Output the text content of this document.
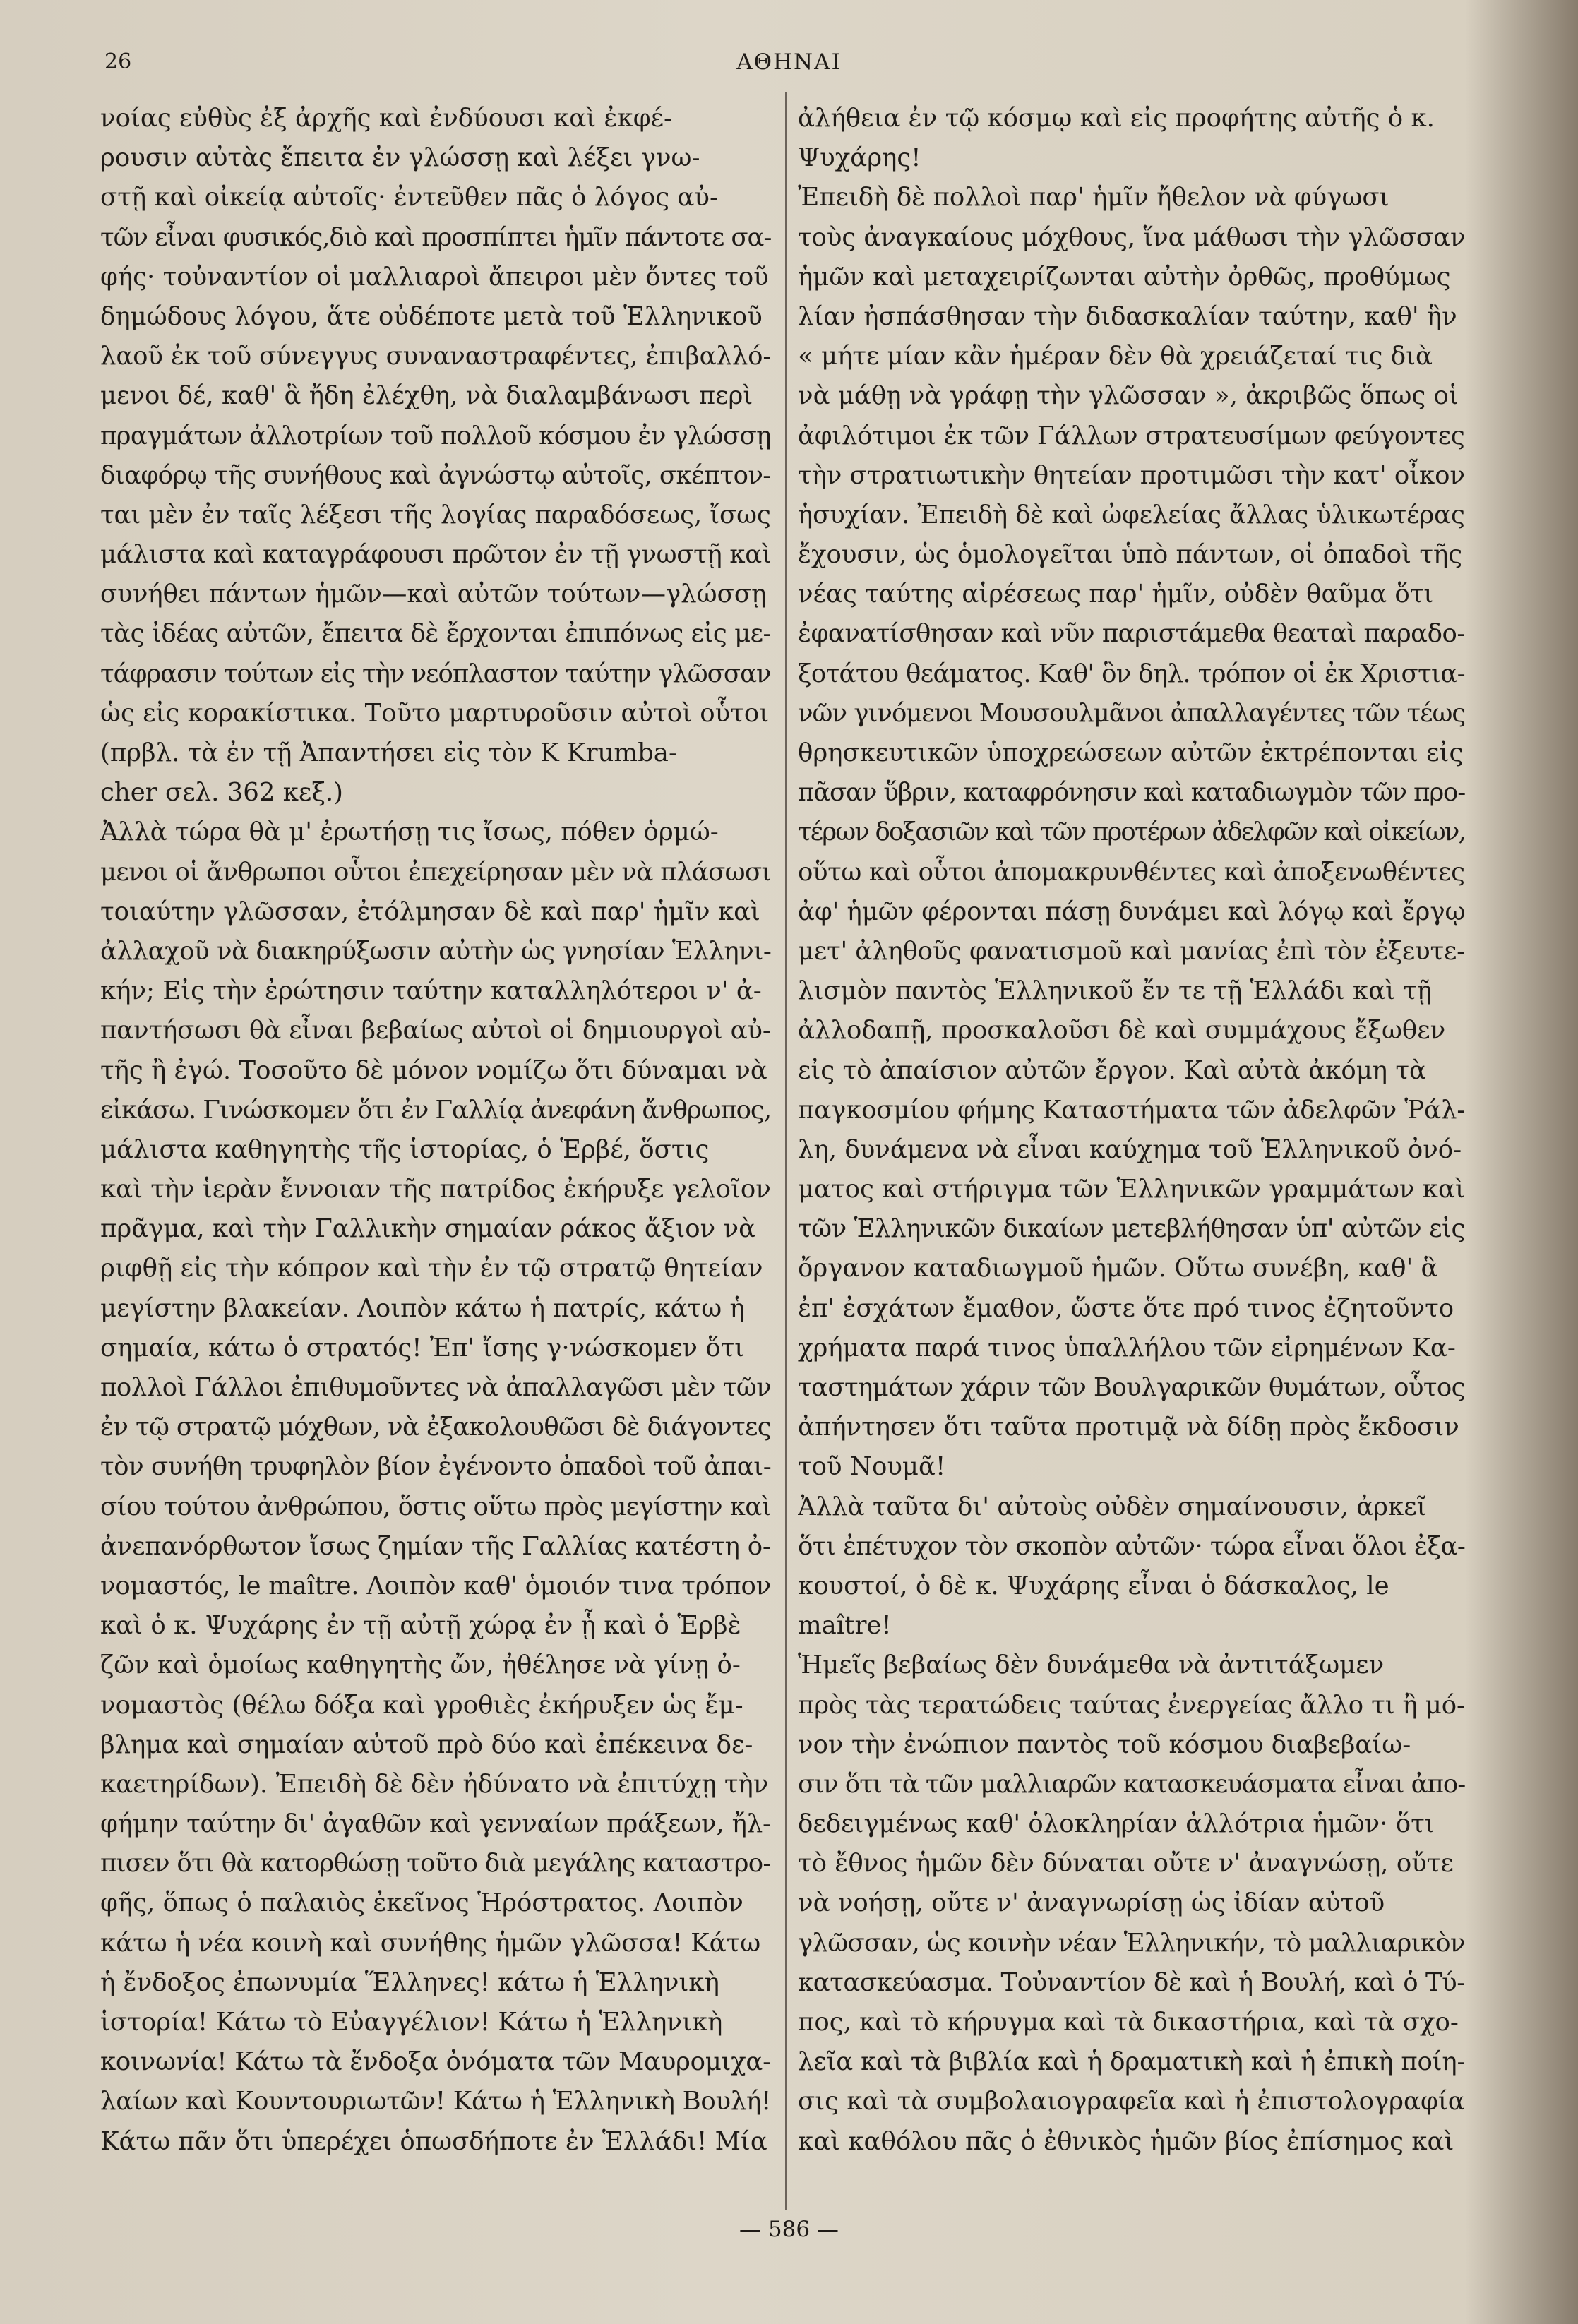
26	ΑΘΗΝΑΙ
νοίας εὐθὺς ἐξ ἀρχῆς καὶ ἐνδύουσι καὶ ἐκφέ-
ρουσιν αὐτὰς ἔπειτα ἐν γλώσσῃ καὶ λέξει γνω-
στῇ καὶ οἰκείᾳ αὐτοῖς· ἐντεῦθεν πᾶς ὁ λόγος αὐ-
τῶν εἶναι φυσικός,διὸ καὶ προσπίπτει ἡμῖν πάντοτε σα-
φής· τοὐναντίον οἱ μαλλιαροὶ ἄπειροι μὲν ὄντες τοῦ
δημώδους λόγου, ἅτε οὐδέποτε μετὰ τοῦ Ἑλληνικοῦ
λαοῦ ἐκ τοῦ σύνεγγυς συναναστραφέντες, ἐπιβαλλό-
μενοι δέ, καθ' ἃ ἤδη ἐλέχθη, νὰ διαλαμβάνωσι περὶ
πραγμάτων ἀλλοτρίων τοῦ πολλοῦ κόσμου ἐν γλώσσῃ
διαφόρῳ τῆς συνήθους καὶ ἀγνώστῳ αὐτοῖς, σκέπτον-
ται μὲν ἐν ταῖς λέξεσι τῆς λογίας παραδόσεως, ἴσως
μάλιστα καὶ καταγράφουσι πρῶτον ἐν τῇ γνωστῇ καὶ
συνήθει πάντων ἡμῶν—καὶ αὐτῶν τούτων—γλώσσῃ
τὰς ἰδέας αὐτῶν, ἔπειτα δὲ ἔρχονται ἐπιπόνως εἰς με-
τάφρασιν τούτων εἰς τὴν νεόπλαστον ταύτην γλῶσσαν
ὡς εἰς κορακίστικα. Τοῦτο μαρτυροῦσιν αὐτοὶ οὗτοι
(πρβλ. τὰ ἐν τῇ Ἀπαντήσει εἰς τὸν Κ Krumba-
cher σελ. 362 κεξ.)
Ἀλλὰ τώρα θὰ μ' ἐρωτήσῃ τις ἴσως, πόθεν ὁρμώ-
μενοι οἱ ἄνθρωποι οὗτοι ἐπεχείρησαν μὲν νὰ πλάσωσι
τοιαύτην γλῶσσαν, ἐτόλμησαν δὲ καὶ παρ' ἡμῖν καὶ
ἀλλαχοῦ νὰ διακηρύξωσιν αὐτὴν ὡς γνησίαν Ἑλληνι-
κήν; Εἰς τὴν ἐρώτησιν ταύτην καταλληλότεροι ν' ἀ-
παντήσωσι θὰ εἶναι βεβαίως αὐτοὶ οἱ δημιουργοὶ αὐ-
τῆς ἢ ἐγώ. Τοσοῦτο δὲ μόνον νομίζω ὅτι δύναμαι νὰ
εἰκάσω. Γινώσκομεν ὅτι ἐν Γαλλίᾳ ἀνεφάνη ἄνθρωπος,
μάλιστα καθηγητὴς τῆς ἱστορίας, ὁ Ἑρβέ, ὅστις
καὶ τὴν ἱερὰν ἔννοιαν τῆς πατρίδος ἐκήρυξε γελοῖον
πρᾶγμα, καὶ τὴν Γαλλικὴν σημαίαν ράκος ἄξιον νὰ
ριφθῇ εἰς τὴν κόπρον καὶ τὴν ἐν τῷ στρατῷ θητείαν
μεγίστην βλακείαν. Λοιπὸν κάτω ἡ πατρίς, κάτω ἡ
σημαία, κάτω ὁ στρατός! Ἐπ' ἴσης γ·νώσκομεν ὅτι
πολλοὶ Γάλλοι ἐπιθυμοῦντες νὰ ἀπαλλαγῶσι μὲν τῶν
ἐν τῷ στρατῷ μόχθων, νὰ ἐξακολουθῶσι δὲ διάγοντες
τὸν συνήθη τρυφηλὸν βίον ἐγένοντο ὀπαδοὶ τοῦ ἀπαι-
σίου τούτου ἀνθρώπου, ὅστις οὕτω πρὸς μεγίστην καὶ
ἀνεπανόρθωτον ἴσως ζημίαν τῆς Γαλλίας κατέστη ὀ-
νομαστός, le maître. Λοιπὸν καθ' ὁμοιόν τινα τρόπον
καὶ ὁ κ. Ψυχάρης ἐν τῇ αὐτῇ χώρᾳ ἐν ᾗ καὶ ὁ Ἑρβὲ
ζῶν καὶ ὁμοίως καθηγητὴς ὤν, ἠθέλησε νὰ γίνῃ ὀ-
νομαστὸς (θέλω δόξα καὶ γροθιὲς ἐκήρυξεν ὡς ἔμ-
βλημα καὶ σημαίαν αὐτοῦ πρὸ δύο καὶ ἐπέκεινα δε-
καετηρίδων). Ἐπειδὴ δὲ δὲν ἠδύνατο νὰ ἐπιτύχῃ τὴν
φήμην ταύτην δι' ἀγαθῶν καὶ γενναίων πράξεων, ἤλ-
πισεν ὅτι θὰ κατορθώσῃ τοῦτο διὰ μεγάλης καταστρο-
φῆς, ὅπως ὁ παλαιὸς ἐκεῖνος Ἡρόστρατος. Λοιπὸν
κάτω ἡ νέα κοινὴ καὶ συνήθης ἡμῶν γλῶσσα! Κάτω
ἡ ἔνδοξος ἐπωνυμία Ἕλληνες! κάτω ἡ Ἑλληνικὴ
ἱστορία! Κάτω τὸ Εὐαγγέλιον! Κάτω ἡ Ἑλληνικὴ
κοινωνία! Κάτω τὰ ἔνδοξα ὀνόματα τῶν Μαυρομιχα-
λαίων καὶ Κουντουριωτῶν! Κάτω ἡ Ἑλληνικὴ Βουλή!
Κάτω πᾶν ὅτι ὑπερέχει ὁπωσδήποτε ἐν Ἑλλάδι! Μία
ἀλήθεια ἐν τῷ κόσμῳ καὶ εἰς προφήτης αὐτῆς ὁ κ.
Ψυχάρης!
Ἐπειδὴ δὲ πολλοὶ παρ' ἡμῖν ἤθελον νὰ φύγωσι
τοὺς ἀναγκαίους μόχθους, ἵνα μάθωσι τὴν γλῶσσαν
ἡμῶν καὶ μεταχειρίζωνται αὐτὴν ὀρθῶς, προθύμως
λίαν ἠσπάσθησαν τὴν διδασκαλίαν ταύτην, καθ' ἣν
« μήτε μίαν κἂν ἡμέραν δὲν θὰ χρειάζεταί τις διὰ
νὰ μάθῃ νὰ γράφῃ τὴν γλῶσσαν », ἀκριβῶς ὅπως οἱ
ἀφιλότιμοι ἐκ τῶν Γάλλων στρατευσίμων φεύγοντες
τὴν στρατιωτικὴν θητείαν προτιμῶσι τὴν κατ' οἶκον
ἡσυχίαν. Ἐπειδὴ δὲ καὶ ὠφελείας ἄλλας ὑλικωτέρας
ἔχουσιν, ὡς ὁμολογεῖται ὑπὸ πάντων, οἱ ὀπαδοὶ τῆς
νέας ταύτης αἱρέσεως παρ' ἡμῖν, οὐδὲν θαῦμα ὅτι
ἐφανατίσθησαν καὶ νῦν παριστάμεθα θεαταὶ παραδο-
ξοτάτου θεάματος. Καθ' ὃν δηλ. τρόπον οἱ ἐκ Χριστια-
νῶν γινόμενοι Μουσουλμᾶνοι ἀπαλλαγέντες τῶν τέως
θρησκευτικῶν ὑποχρεώσεων αὐτῶν ἐκτρέπονται εἰς
πᾶσαν ὕβριν, καταφρόνησιν καὶ καταδιωγμὸν τῶν προ-
τέρων δοξασιῶν καὶ τῶν προτέρων ἀδελφῶν καὶ οἰκείων,
οὕτω καὶ οὗτοι ἀπομακρυνθέντες καὶ ἀποξενωθέντες
ἀφ' ἡμῶν φέρονται πάσῃ δυνάμει καὶ λόγῳ καὶ ἔργῳ
μετ' ἀληθοῦς φανατισμοῦ καὶ μανίας ἐπὶ τὸν ἐξευτε-
λισμὸν παντὸς Ἑλληνικοῦ ἔν τε τῇ Ἑλλάδι καὶ τῇ
ἀλλοδαπῇ, προσκαλοῦσι δὲ καὶ συμμάχους ἔξωθεν
εἰς τὸ ἀπαίσιον αὐτῶν ἔργον. Καὶ αὐτὰ ἀκόμη τὰ
παγκοσμίου φήμης Καταστήματα τῶν ἀδελφῶν Ῥάλ-
λη, δυνάμενα νὰ εἶναι καύχημα τοῦ Ἑλληνικοῦ ὀνό-
ματος καὶ στήριγμα τῶν Ἑλληνικῶν γραμμάτων καὶ
τῶν Ἑλληνικῶν δικαίων μετεβλήθησαν ὑπ' αὐτῶν εἰς
ὄργανον καταδιωγμοῦ ἡμῶν. Οὕτω συνέβη, καθ' ἃ
ἐπ' ἐσχάτων ἔμαθον, ὥστε ὅτε πρό τινος ἐζητοῦντο
χρήματα παρά τινος ὑπαλλήλου τῶν εἰρημένων Κα-
ταστημάτων χάριν τῶν Βουλγαρικῶν θυμάτων, οὗτος
ἀπήντησεν ὅτι ταῦτα προτιμᾷ νὰ δίδῃ πρὸς ἔκδοσιν
τοῦ Νουμᾶ!
Ἀλλὰ ταῦτα δι' αὐτοὺς οὐδὲν σημαίνουσιν, ἀρκεῖ
ὅτι ἐπέτυχον τὸν σκοπὸν αὐτῶν· τώρα εἶναι ὅλοι ἐξα-
κουστοί, ὁ δὲ κ. Ψυχάρης εἶναι ὁ δάσκαλος, le
maître!
Ἡμεῖς βεβαίως δὲν δυνάμεθα νὰ ἀντιτάξωμεν
πρὸς τὰς τερατώδεις ταύτας ἐνεργείας ἄλλο τι ἢ μό-
νον τὴν ἐνώπιον παντὸς τοῦ κόσμου διαβεβαίω-
σιν ὅτι τὰ τῶν μαλλιαρῶν κατασκευάσματα εἶναι ἀπο-
δεδειγμένως καθ' ὁλοκληρίαν ἀλλότρια ἡμῶν· ὅτι
τὸ ἔθνος ἡμῶν δὲν δύναται οὔτε ν' ἀναγνώσῃ, οὔτε
νὰ νοήσῃ, οὔτε ν' ἀναγνωρίσῃ ὡς ἰδίαν αὐτοῦ
γλῶσσαν, ὡς κοινὴν νέαν Ἑλληνικήν, τὸ μαλλιαρικὸν
κατασκεύασμα. Τοὐναντίον δὲ καὶ ἡ Βουλή, καὶ ὁ Τύ-
πος, καὶ τὸ κήρυγμα καὶ τὰ δικαστήρια, καὶ τὰ σχο-
λεῖα καὶ τὰ βιβλία καὶ ἡ δραματικὴ καὶ ἡ ἐπικὴ ποίη-
σις καὶ τὰ συμβολαιογραφεῖα καὶ ἡ ἐπιστολογραφία
καὶ καθόλου πᾶς ὁ ἐθνικὸς ἡμῶν βίος ἐπίσημος καὶ
— 586 —
